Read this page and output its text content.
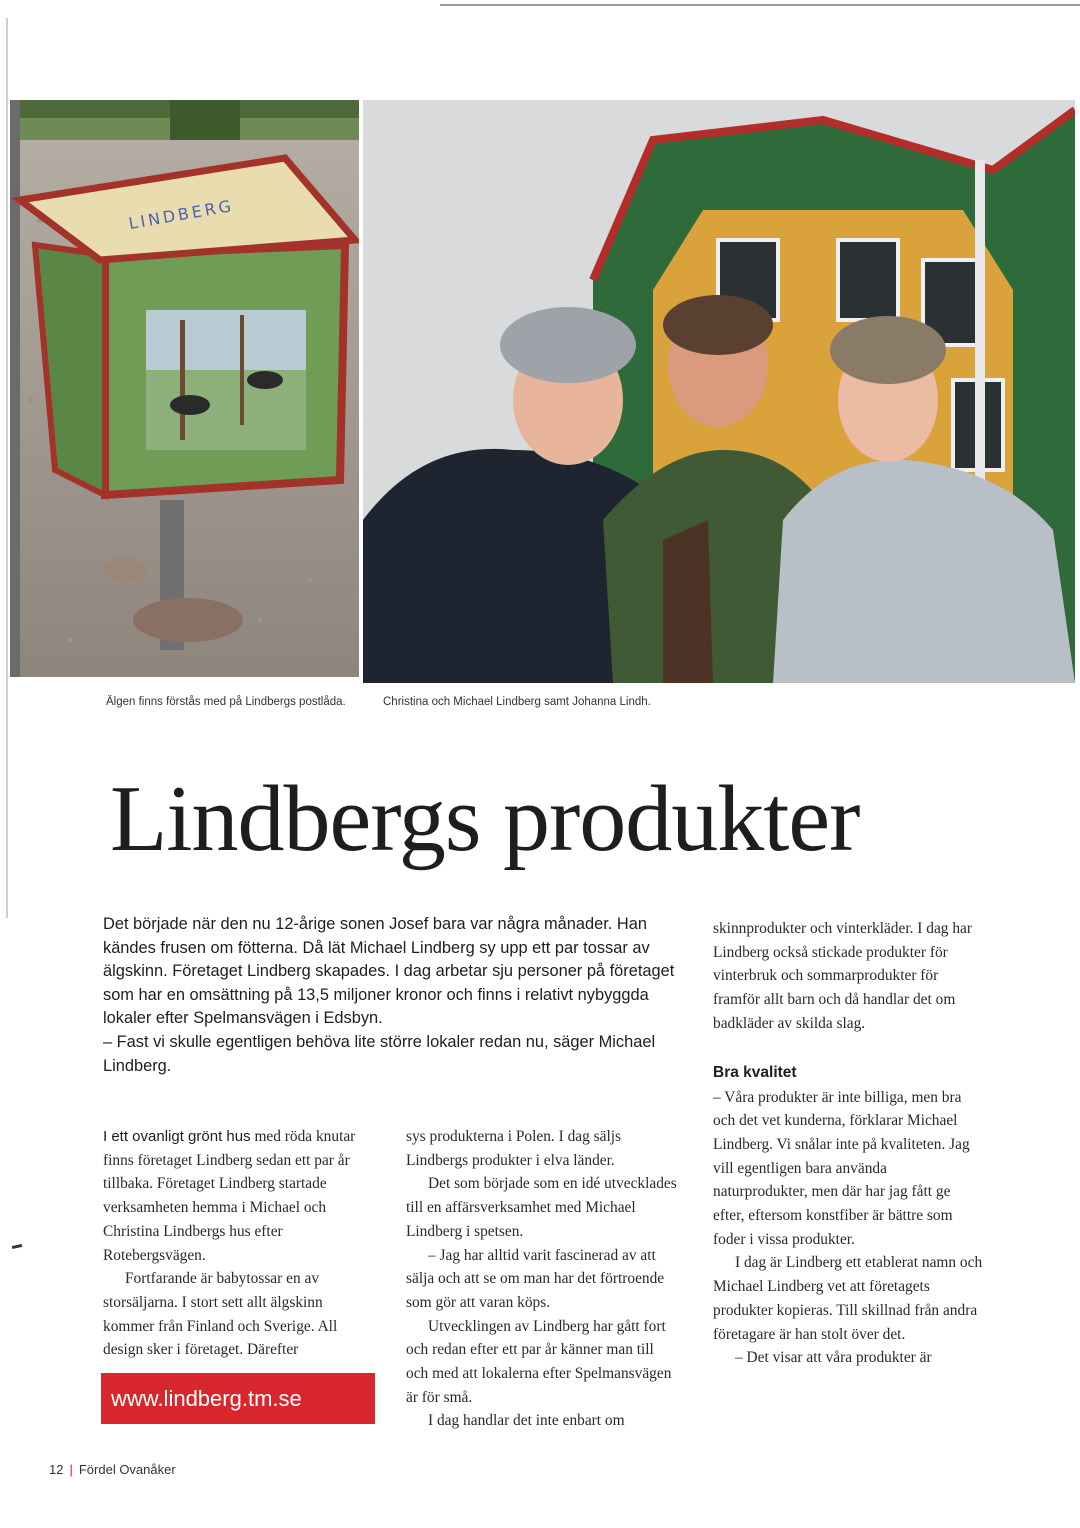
LINDBERG
Älgen finns förstås med på Lindbergs postlåda.	Christina och Michael Lindberg samt Johanna Lindh.
Lindbergs produkter

Det började när den nu 12-årige sonen Josef bara var några månader. Han kändes frusen om fötterna. Då lät Michael Lindberg sy upp ett par tossar av älgskinn. Företaget Lindberg skapades. I dag arbetar sju personer på företaget som har en omsättning på 13,5 miljoner kronor och finns i relativt nybyggda lokaler efter Spelmansvägen i Edsbyn.
– Fast vi skulle egentligen behöva lite större lokaler redan nu, säger Michael Lindberg.

I ett ovanligt grönt hus med röda knutar finns företaget Lindberg sedan ett par år tillbaka. Företaget Lindberg startade verksamheten hemma i Michael och Christina Lindbergs hus efter Rotebergsvägen.

Fortfarande är babytossar en av storsäljarna. I stort sett allt älgskinn kommer från Finland och Sverige. All design sker i företaget. Därefter

www.lindberg.tm.se

sys produkterna i Polen. I dag säljs Lindbergs produkter i elva länder.

Det som började som en idé utvecklades till en affärsverksamhet med Michael Lindberg i spetsen.

– Jag har alltid varit fascinerad av att sälja och att se om man har det förtroende som gör att varan köps.

Utvecklingen av Lindberg har gått fort och redan efter ett par år känner man till och med att lokalerna efter Spelmansvägen är för små.

I dag handlar det inte enbart om

skinnprodukter och vinterkläder. I dag har Lindberg också stickade produkter för vinterbruk och sommarprodukter för framför allt barn och då handlar det om badkläder av skilda slag.

Bra kvalitet

– Våra produkter är inte billiga, men bra och det vet kunderna, förklarar Michael Lindberg. Vi snålar inte på kvaliteten. Jag vill egentligen bara använda naturprodukter, men där har jag fått ge efter, eftersom konstfiber är bättre som foder i vissa produkter.

I dag är Lindberg ett etablerat namn och Michael Lindberg vet att företagets produkter kopieras. Till skillnad från andra företagare är han stolt över det.

– Det visar att våra produkter är

12 | Fördel Ovanåker
